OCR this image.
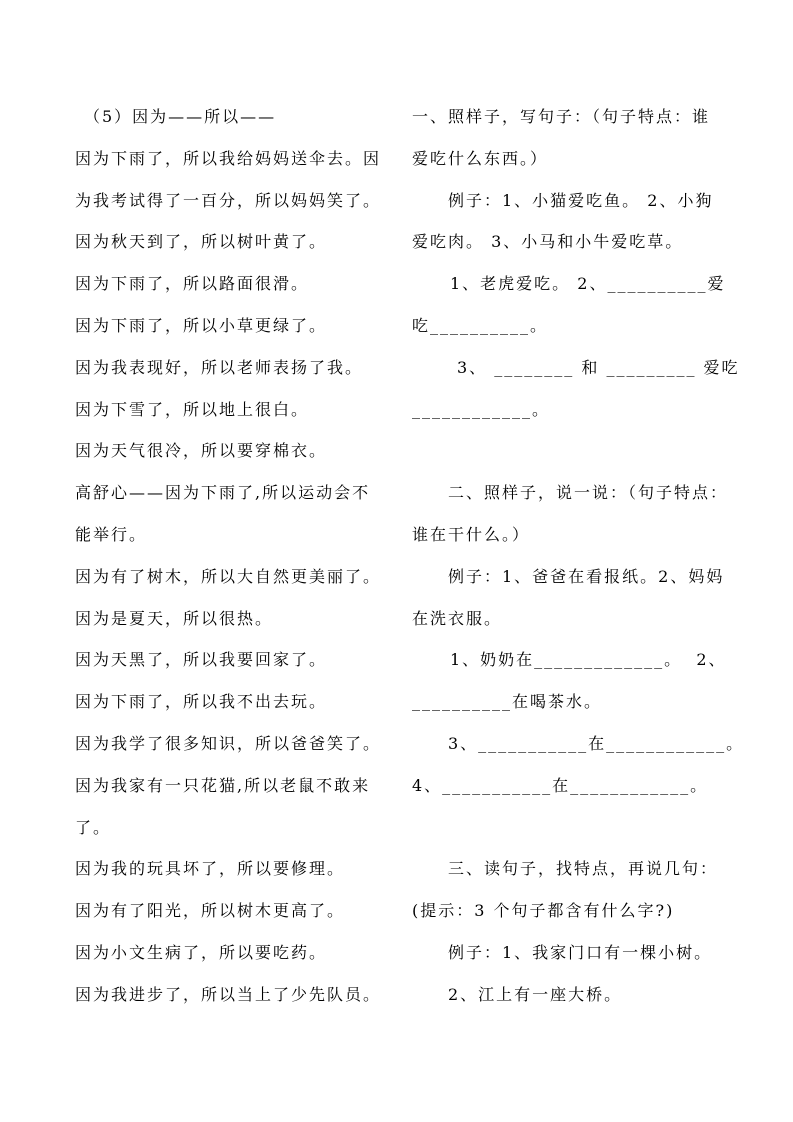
（5）因为——所以——
因为下雨了，所以我给妈妈送伞去。因
为我考试得了一百分，所以妈妈笑了。
因为秋天到了，所以树叶黄了。
因为下雨了，所以路面很滑。
因为下雨了，所以小草更绿了。
因为我表现好，所以老师表扬了我。
因为下雪了，所以地上很白。
因为天气很冷，所以要穿棉衣。
高舒心——因为下雨了,所以运动会不
能举行。
因为有了树木，所以大自然更美丽了。
因为是夏天，所以很热。
因为天黑了，所以我要回家了。
因为下雨了，所以我不出去玩。
因为我学了很多知识，所以爸爸笑了。
因为我家有一只花猫,所以老鼠不敢来
了。
因为我的玩具坏了，所以要修理。
因为有了阳光，所以树木更高了。
因为小文生病了，所以要吃药。
因为我进步了，所以当上了少先队员。
一、照样子，写句子：（句子特点：谁
爱吃什么东西。）
例子：1、小猫爱吃鱼。 2、小狗
爱吃肉。 3、小马和小牛爱吃草。
1、老虎爱吃。 2、__________爱
吃__________。
3、 ________ 和 _________ 爱吃
____________。
二、照样子，说一说：（句子特点：
谁在干什么。）
例子：1、爸爸在看报纸。2、妈妈
在洗衣服。
1、奶奶在_____________。  2、
__________在喝茶水。
3、___________在____________。
4、___________在____________。
三、读句子，找特点，再说几句：
(提示：3 个句子都含有什么字?)
例子：1、我家门口有一棵小树。
2、江上有一座大桥。
